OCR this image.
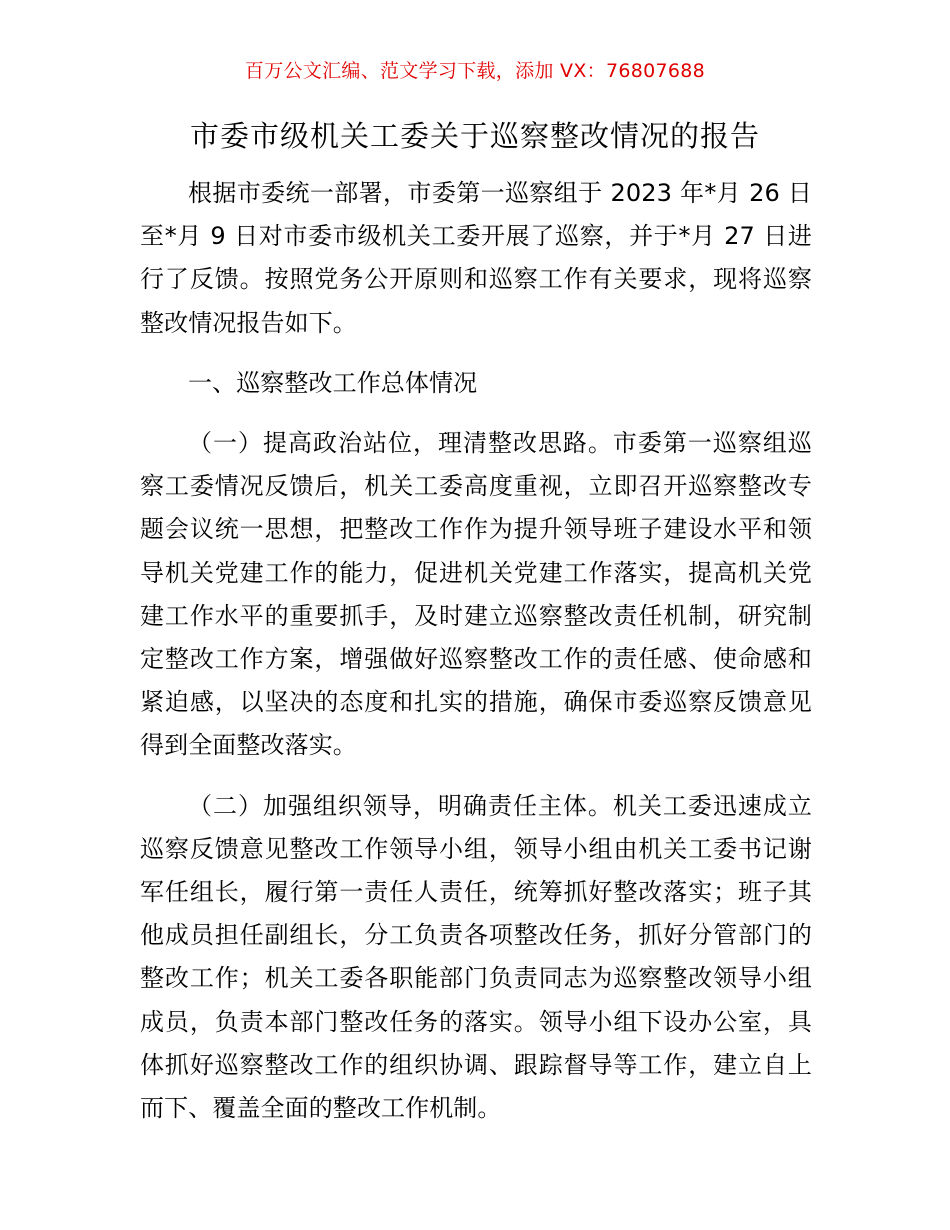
百万公文汇编、范文学习下载，添加 VX：76807688
市委市级机关工委关于巡察整改情况的报告

根据市委统一部署，市委第一巡察组于 2023 年*月 26 日至*月 9 日对市委市级机关工委开展了巡察，并于*月 27 日进行了反馈。按照党务公开原则和巡察工作有关要求，现将巡察整改情况报告如下。

一、巡察整改工作总体情况

（一）提高政治站位，理清整改思路。市委第一巡察组巡察工委情况反馈后，机关工委高度重视，立即召开巡察整改专题会议统一思想，把整改工作作为提升领导班子建设水平和领导机关党建工作的能力，促进机关党建工作落实，提高机关党建工作水平的重要抓手，及时建立巡察整改责任机制，研究制定整改工作方案，增强做好巡察整改工作的责任感、使命感和紧迫感，以坚决的态度和扎实的措施，确保市委巡察反馈意见得到全面整改落实。

（二）加强组织领导，明确责任主体。机关工委迅速成立巡察反馈意见整改工作领导小组，领导小组由机关工委书记谢军任组长，履行第一责任人责任，统筹抓好整改落实；班子其他成员担任副组长，分工负责各项整改任务，抓好分管部门的整改工作；机关工委各职能部门负责同志为巡察整改领导小组成员，负责本部门整改任务的落实。领导小组下设办公室，具体抓好巡察整改工作的组织协调、跟踪督导等工作，建立自上而下、覆盖全面的整改工作机制。
